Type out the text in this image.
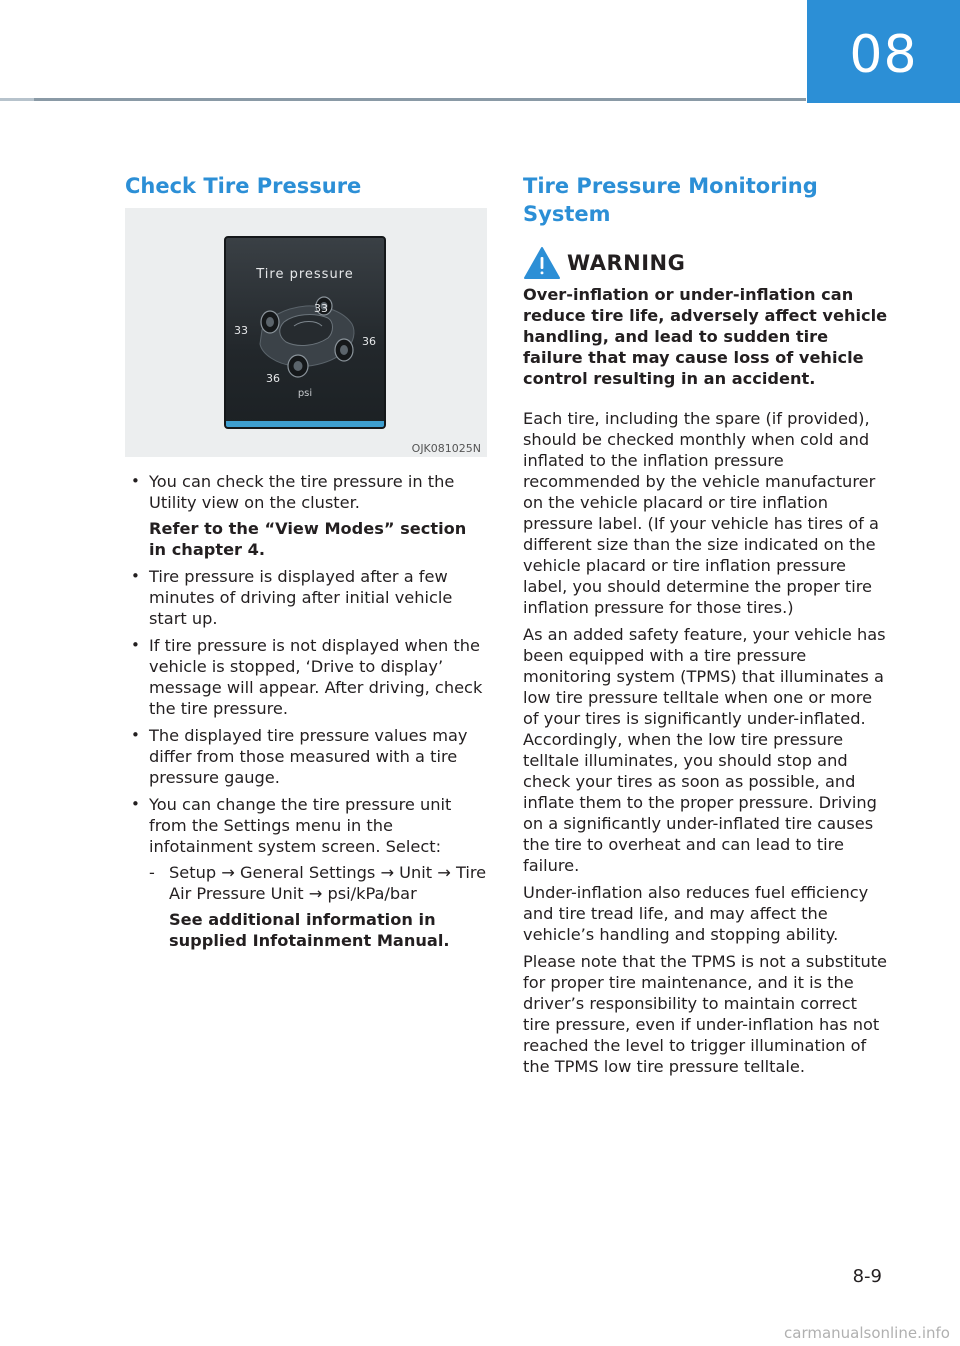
08
Check Tire Pressure
Tire pressure
33
33
36
36
psi
OJK081025N
• You can check the tire pressure in the Utility view on the cluster.
Refer to the “View Modes” section in chapter 4.
• Tire pressure is displayed after a few minutes of driving after initial vehicle start up.
• If tire pressure is not displayed when the vehicle is stopped, ‘Drive to display’ message will appear. After driving, check the tire pressure.
• The displayed tire pressure values may differ from those measured with a tire pressure gauge.
• You can change the tire pressure unit from the Settings menu in the infotainment system screen. Select:
- Setup → General Settings → Unit → Tire Air Pressure Unit → psi/kPa/bar
See additional information in supplied Infotainment Manual.
Tire Pressure Monitoring System
WARNING
Over-inflation or under-inflation can reduce tire life, adversely affect vehicle handling, and lead to sudden tire failure that may cause loss of vehicle control resulting in an accident.

Each tire, including the spare (if provided), should be checked monthly when cold and inflated to the inflation pressure recommended by the vehicle manufacturer on the vehicle placard or tire inflation pressure label. (If your vehicle has tires of a different size than the size indicated on the vehicle placard or tire inflation pressure label, you should determine the proper tire inflation pressure for those tires.)

As an added safety feature, your vehicle has been equipped with a tire pressure monitoring system (TPMS) that illuminates a low tire pressure telltale when one or more of your tires is significantly under-inflated. Accordingly, when the low tire pressure telltale illuminates, you should stop and check your tires as soon as possible, and inflate them to the proper pressure. Driving on a significantly under-inflated tire causes the tire to overheat and can lead to tire failure.

Under-inflation also reduces fuel efficiency and tire tread life, and may affect the vehicle’s handling and stopping ability.

Please note that the TPMS is not a substitute for proper tire maintenance, and it is the driver’s responsibility to maintain correct tire pressure, even if under-inflation has not reached the level to trigger illumination of the TPMS low tire pressure telltale.

8-9
carmanualsonline.info
